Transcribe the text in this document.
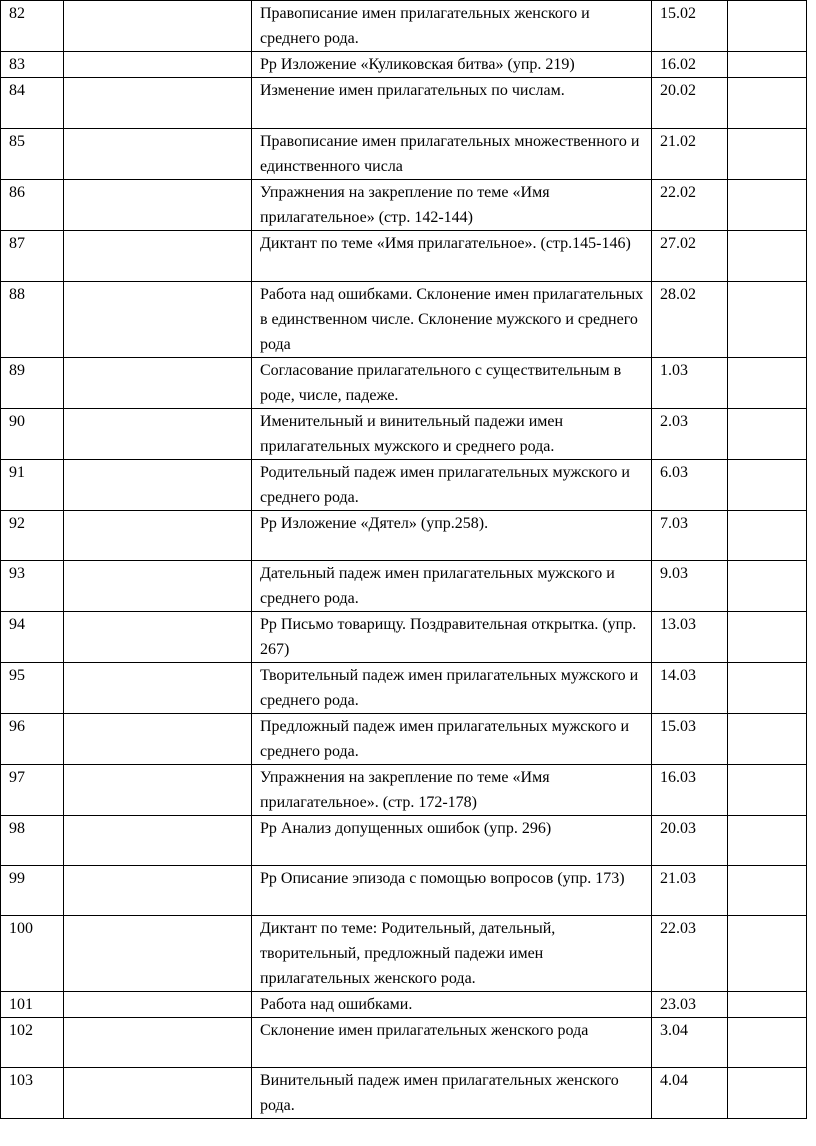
82		Правописание имен прилагательных женского и среднего рода.	15.02	
83		Рр Изложение «Куликовская битва» (упр. 219)	16.02	
84		Изменение имен прилагательных по числам.	20.02	
85		Правописание имен прилагательных множественного и единственного числа	21.02	
86		Упражнения на закрепление по теме «Имя прилагательное» (стр. 142-144)	22.02	
87		Диктант по теме «Имя прилагательное». (стр.145-146)	27.02	
88		Работа над ошибками. Склонение имен прилагательных в единственном числе. Склонение мужского и среднего рода	28.02	
89		Согласование прилагательного с существительным в роде, числе, падеже.	1.03	
90		Именительный и винительный падежи имен прилагательных мужского и среднего рода.	2.03	
91		Родительный падеж имен прилагательных мужского и среднего рода.	6.03	
92		Рр Изложение «Дятел» (упр.258).	7.03	
93		Дательный падеж имен прилагательных мужского и среднего рода.	9.03	
94		Рр Письмо товарищу. Поздравительная открытка. (упр. 267)	13.03	
95		Творительный падеж имен прилагательных мужского и среднего рода.	14.03	
96		Предложный падеж имен прилагательных мужского и среднего рода.	15.03	
97		Упражнения на закрепление по теме «Имя прилагательное». (стр. 172-178)	16.03	
98		Рр Анализ допущенных ошибок (упр. 296)	20.03	
99		Рр Описание эпизода с помощью вопросов (упр. 173)	21.03	
100		Диктант по теме: Родительный, дательный, творительный, предложный падежи имен прилагательных женского рода.	22.03	
101		Работа над ошибками.	23.03	
102		Склонение имен прилагательных женского рода	3.04	
103		Винительный падеж имен прилагательных женского рода.	4.04	
